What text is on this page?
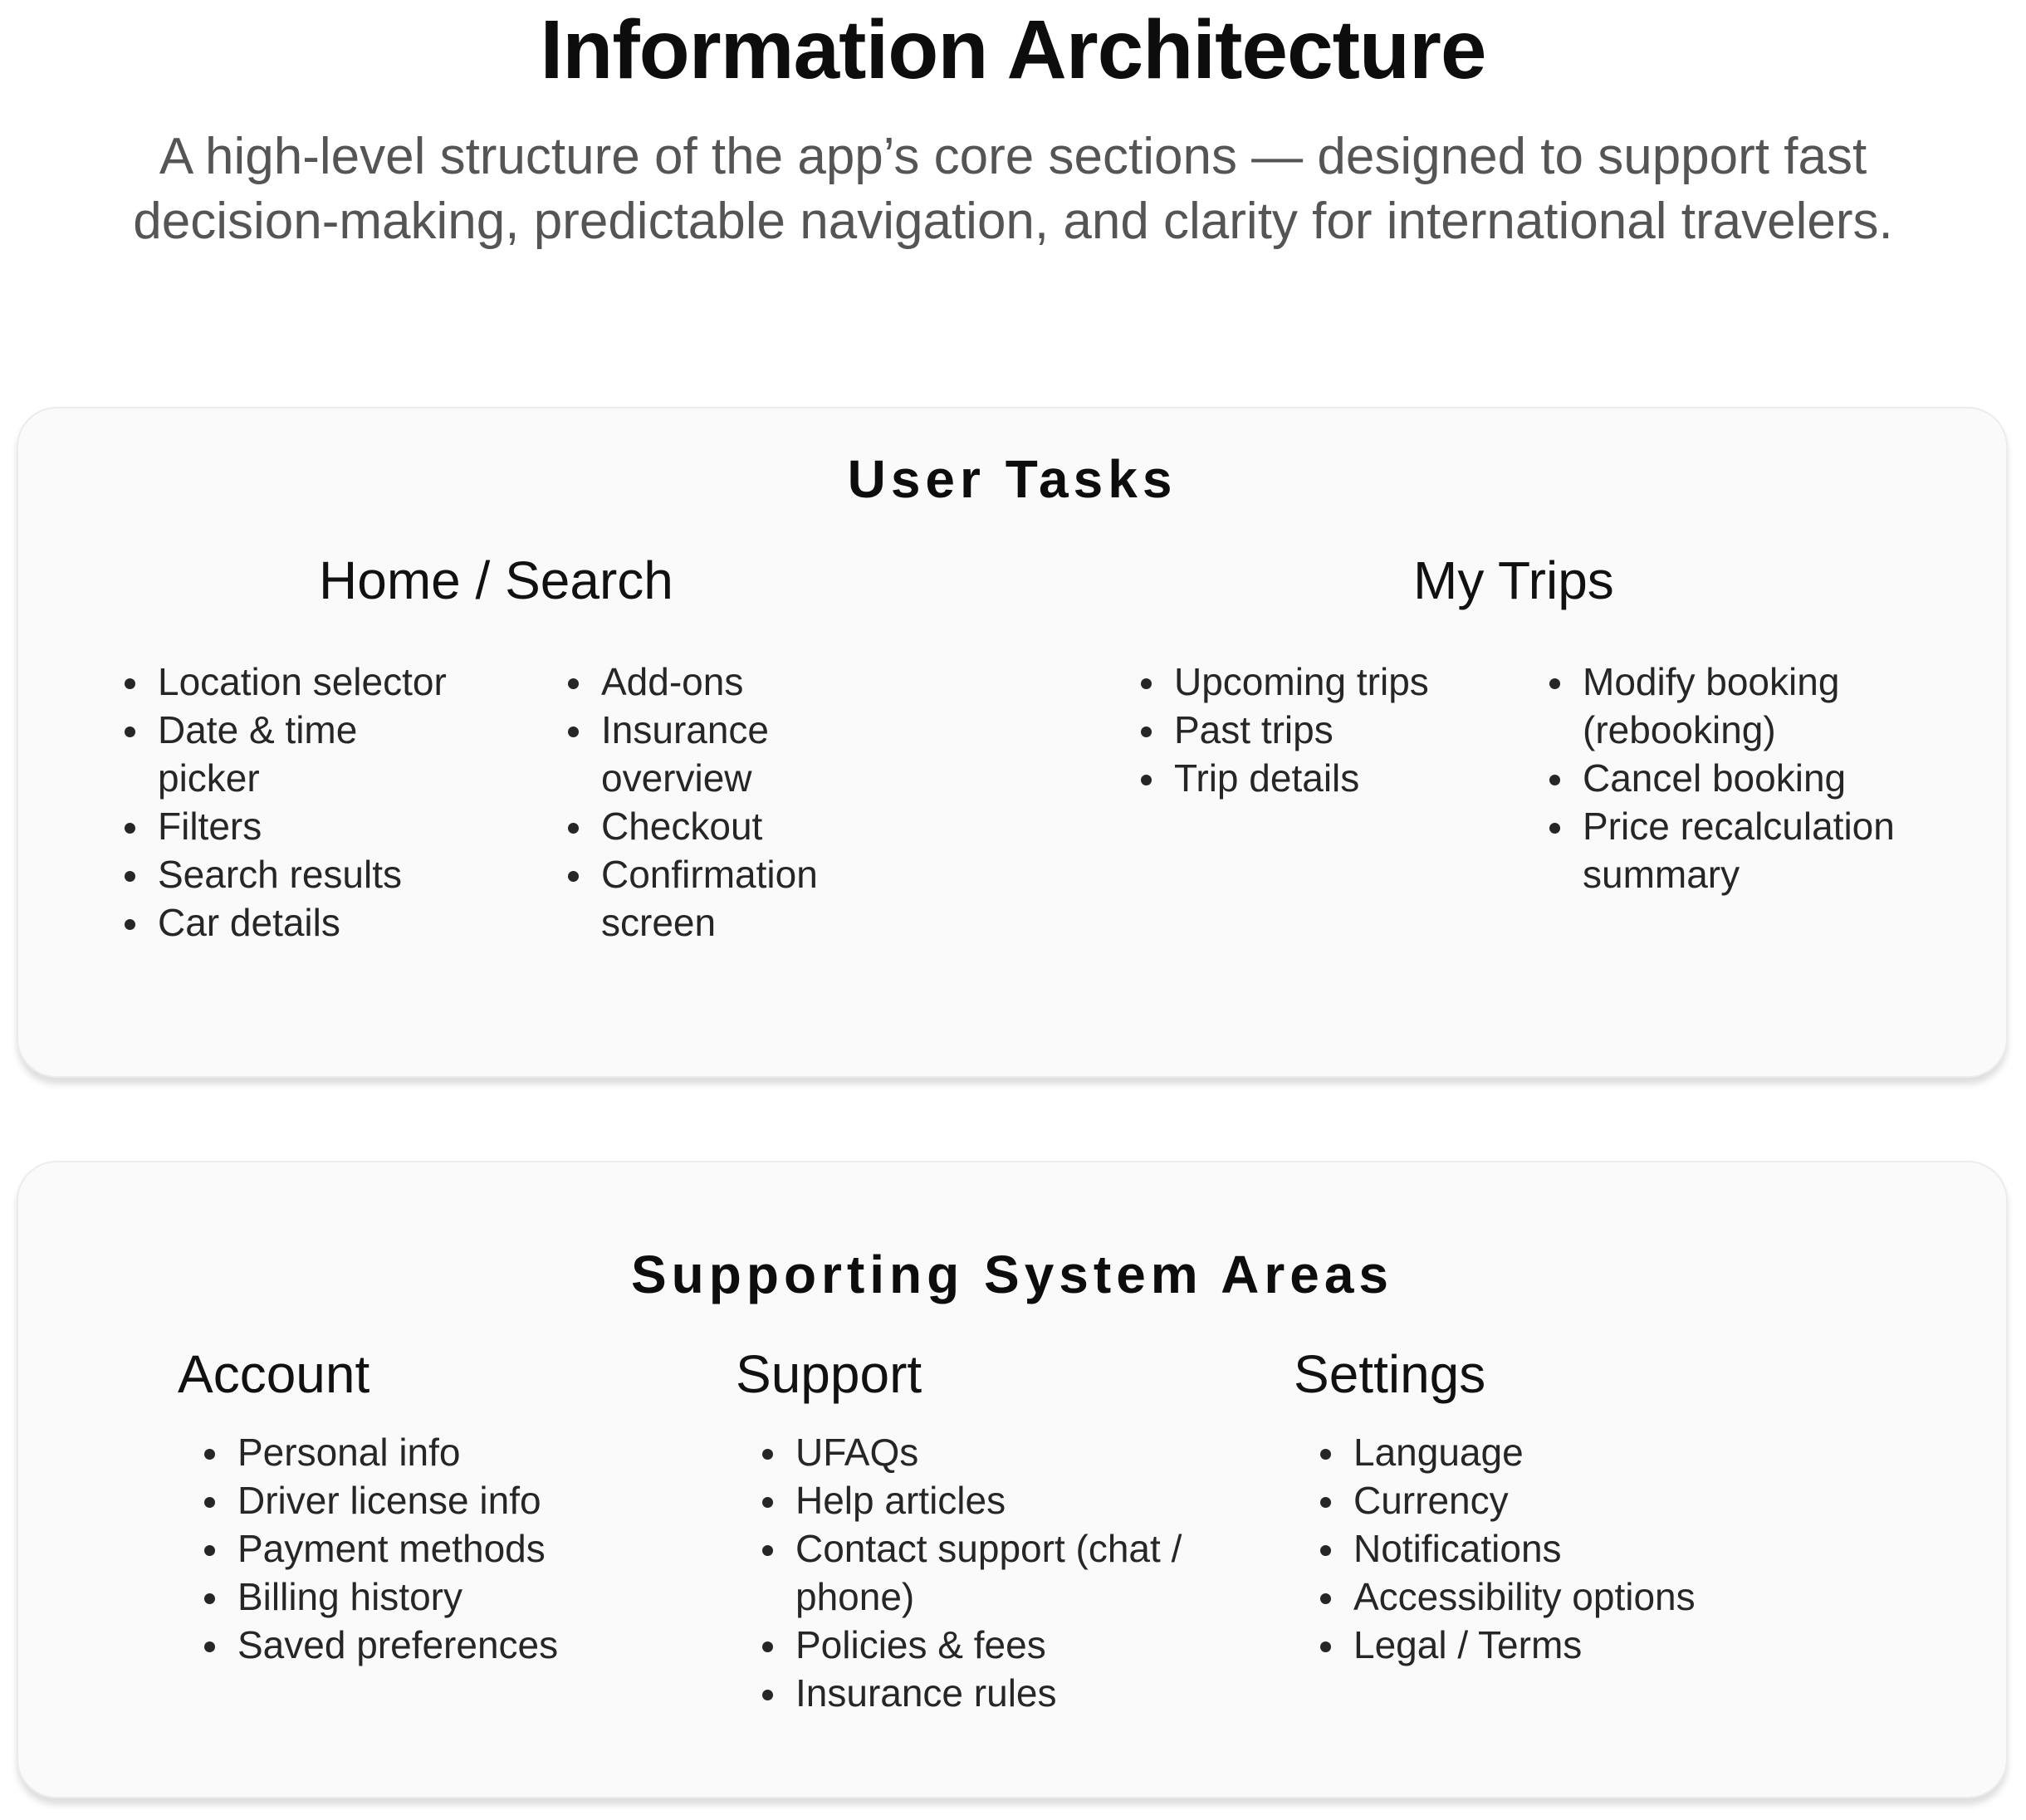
Information Architecture

A high-level structure of the app’s core sections — designed to support fast decision-making, predictable navigation, and clarity for international travelers.

User Tasks
Home / Search
Location selector
Date & time picker
Filters
Search results
Car details
Add-ons
Insurance overview
Checkout
Confirmation screen
My Trips
Upcoming trips
Past trips
Trip details
Modify booking (rebooking)
Cancel booking
Price recalculation summary
Supporting System Areas
Account
Personal info
Driver license info
Payment methods
Billing history
Saved preferences
Support
UFAQs
Help articles
Contact support (chat / phone)
Policies & fees
Insurance rules
Settings
Language
Currency
Notifications
Accessibility options
Legal / Terms
